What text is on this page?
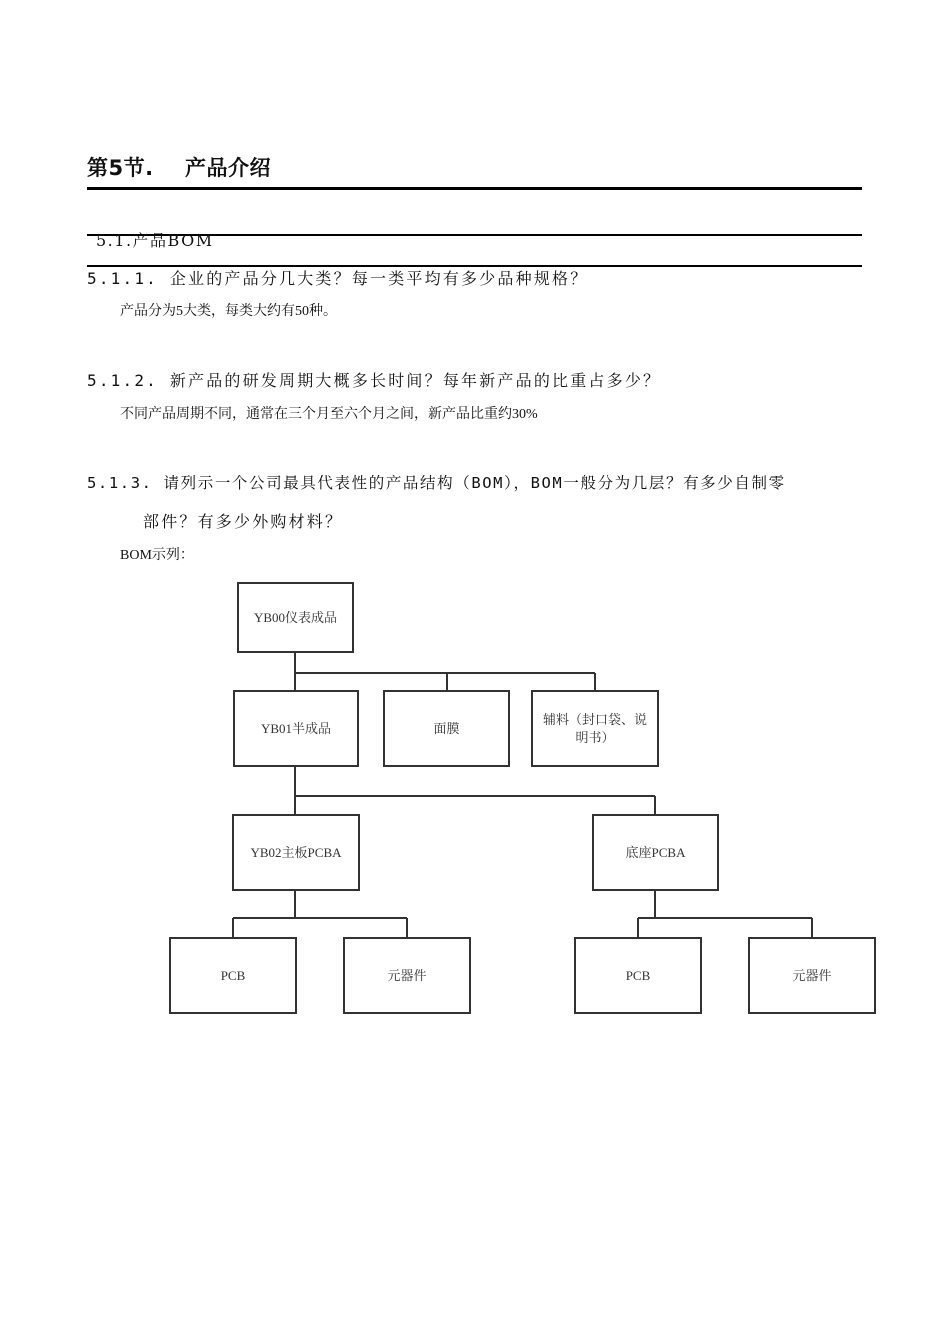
第5节. 产品介绍
5.1.产品BOM
5.1.1. 企业的产品分几大类？每一类平均有多少品种规格？
产品分为5大类，每类大约有50种。
5.1.2. 新产品的研发周期大概多长时间？每年新产品的比重占多少？
不同产品周期不同，通常在三个月至六个月之间，新产品比重约30%
5.1.3. 请列示一个公司最具代表性的产品结构（BOM），BOM一般分为几层？有多少自制零
部件？有多少外购材料？
BOM示列：
YB00仪表成品
YB01半成品	面膜
辅料（封口袋、说明书）
YB02主板PCBA	底座PCBA
PCB	元器件	PCB	元器件
